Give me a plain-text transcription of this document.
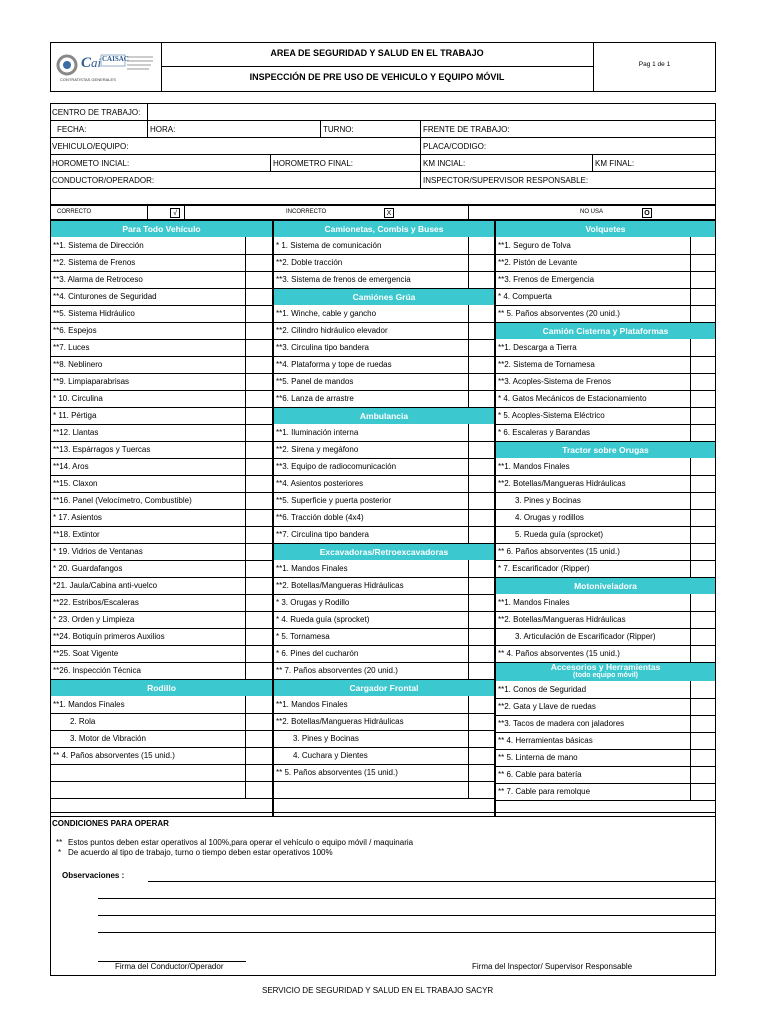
C ai CAISAC
CONTRATISTAS GENERALES
AREA DE SEGURIDAD Y SALUD EN EL TRABAJO
INSPECCIÓN DE PRE USO DE VEHICULO Y EQUIPO MÓVIL
Pag 1 de 1
CENTRO DE TRABAJO:
FECHA:	HORA:	TURNO:	FRENTE DE TRABAJO:
VEHICULO/EQUIPO:	PLACA/CODIGO:
HOROMETO INCIAL:	HOROMETRO FINAL:	KM INCIAL:	KM FINAL:
CONDUCTOR/OPERADOR:	INSPECTOR/SUPERVISOR RESPONSABLE:
CORRECTO	√	INCORRECTO	X	NO USA	O
Para Todo Vehículo
**1. Sistema de Dirección
**2. Sistema de Frenos
**3. Alarma de Retroceso
**4. Cinturones de Seguridad
**5. Sistema Hidráulico
**6. Espejos
**7. Luces
**8. Neblinero
**9. Limpiaparabrisas
* 10. Circulina
* 11. Pértiga
**12. Llantas
**13. Espárragos y Tuercas
**14. Aros
**15. Claxon
**16. Panel (Velocímetro, Combustible)
* 17. Asientos
**18. Extintor
* 19. Vidrios de Ventanas
* 20. Guardafangos
*21. Jaula/Cabina anti-vuelco
**22. Estribos/Escaleras
* 23. Orden y Limpieza
**24. Botiquín primeros Auxilios
**25. Soat Vigente
**26. Inspección Técnica
Rodillo
**1. Mandos Finales
2. Rola
3. Motor de Vibración
** 4. Paños absorventes (15 unid.)
Camionetas, Combis y Buses
* 1. Sistema de comunicación
**2. Doble tracción
**3. Sistema de frenos de emergencia
Camiónes Grúa
**1. Winche, cable y gancho
**2. Cilindro hidráulico elevador
**3. Circulina tipo bandera
**4. Plataforma y tope de ruedas
**5. Panel de mandos
**6. Lanza de arrastre
Ambulancia
**1. Iluminación interna
**2. Sirena y megáfono
**3. Equipo de radiocomunicación
**4. Asientos posteriores
**5. Superficie y puerta posterior
**6. Tracción doble (4x4)
**7. Circulina tipo bandera
Excavadoras/Retroexcavadoras
**1. Mandos Finales
**2. Botellas/Mangueras Hidráulicas
* 3. Orugas y Rodillo
* 4. Rueda guía (sprocket)
* 5. Tornamesa
* 6. Pines del cucharón
** 7. Paños absorventes (20 unid.)
Cargador Frontal
**1. Mandos Finales
**2. Botellas/Mangueras Hidráulicas
3. Pines y Bocinas
4. Cuchara y Dientes
** 5. Paños absorventes (15 unid.)
Volquetes
**1. Seguro de Tolva
**2. Pistón de Levante
**3. Frenos de Emergencia
* 4. Compuerta
** 5. Paños absorventes (20 unid.)
Camión Cisterna y Plataformas
**1. Descarga a Tierra
**2. Sistema de Tornamesa
**3. Acoples-Sistema de Frenos
* 4. Gatos Mecánicos de Estacionamiento
* 5. Acoples-Sistema Eléctrico
* 6. Escaleras y Barandas
Tractor sobre Orugas
**1. Mandos Finales
**2. Botellas/Mangueras Hidráulicas
3. Pines y Bocinas
4. Orugas y rodillos
5. Rueda guía (sprocket)
** 6. Paños absorventes (15 unid.)
* 7. Escarificador (Ripper)
Motoniveladora
**1. Mandos Finales
**2. Botellas/Mangueras Hidráulicas
3. Articulación de Escarificador (Ripper)
** 4. Paños absorventes (15 unid.)
Accesorios y Herramientas
(todo equipo móvil)
**1. Conos de Seguridad
**2. Gata y Llave de ruedas
**3. Tacos de madera con jaladores
** 4. Herramientas básicas
** 5. Linterna de mano
** 6. Cable para batería
** 7. Cable para remolque
CONDICIONES PARA OPERAR
** Estos puntos deben estar operativos al 100%,para operar el vehículo o equipo móvil / maquinaria
* De acuerdo al tipo de trabajo, turno o tiempo deben estar operativos 100%
Observaciones :
Firma del Conductor/Operador	Firma del Inspector/ Supervisor Responsable
SERVICIO DE SEGURIDAD Y SALUD EN EL TRABAJO SACYR
